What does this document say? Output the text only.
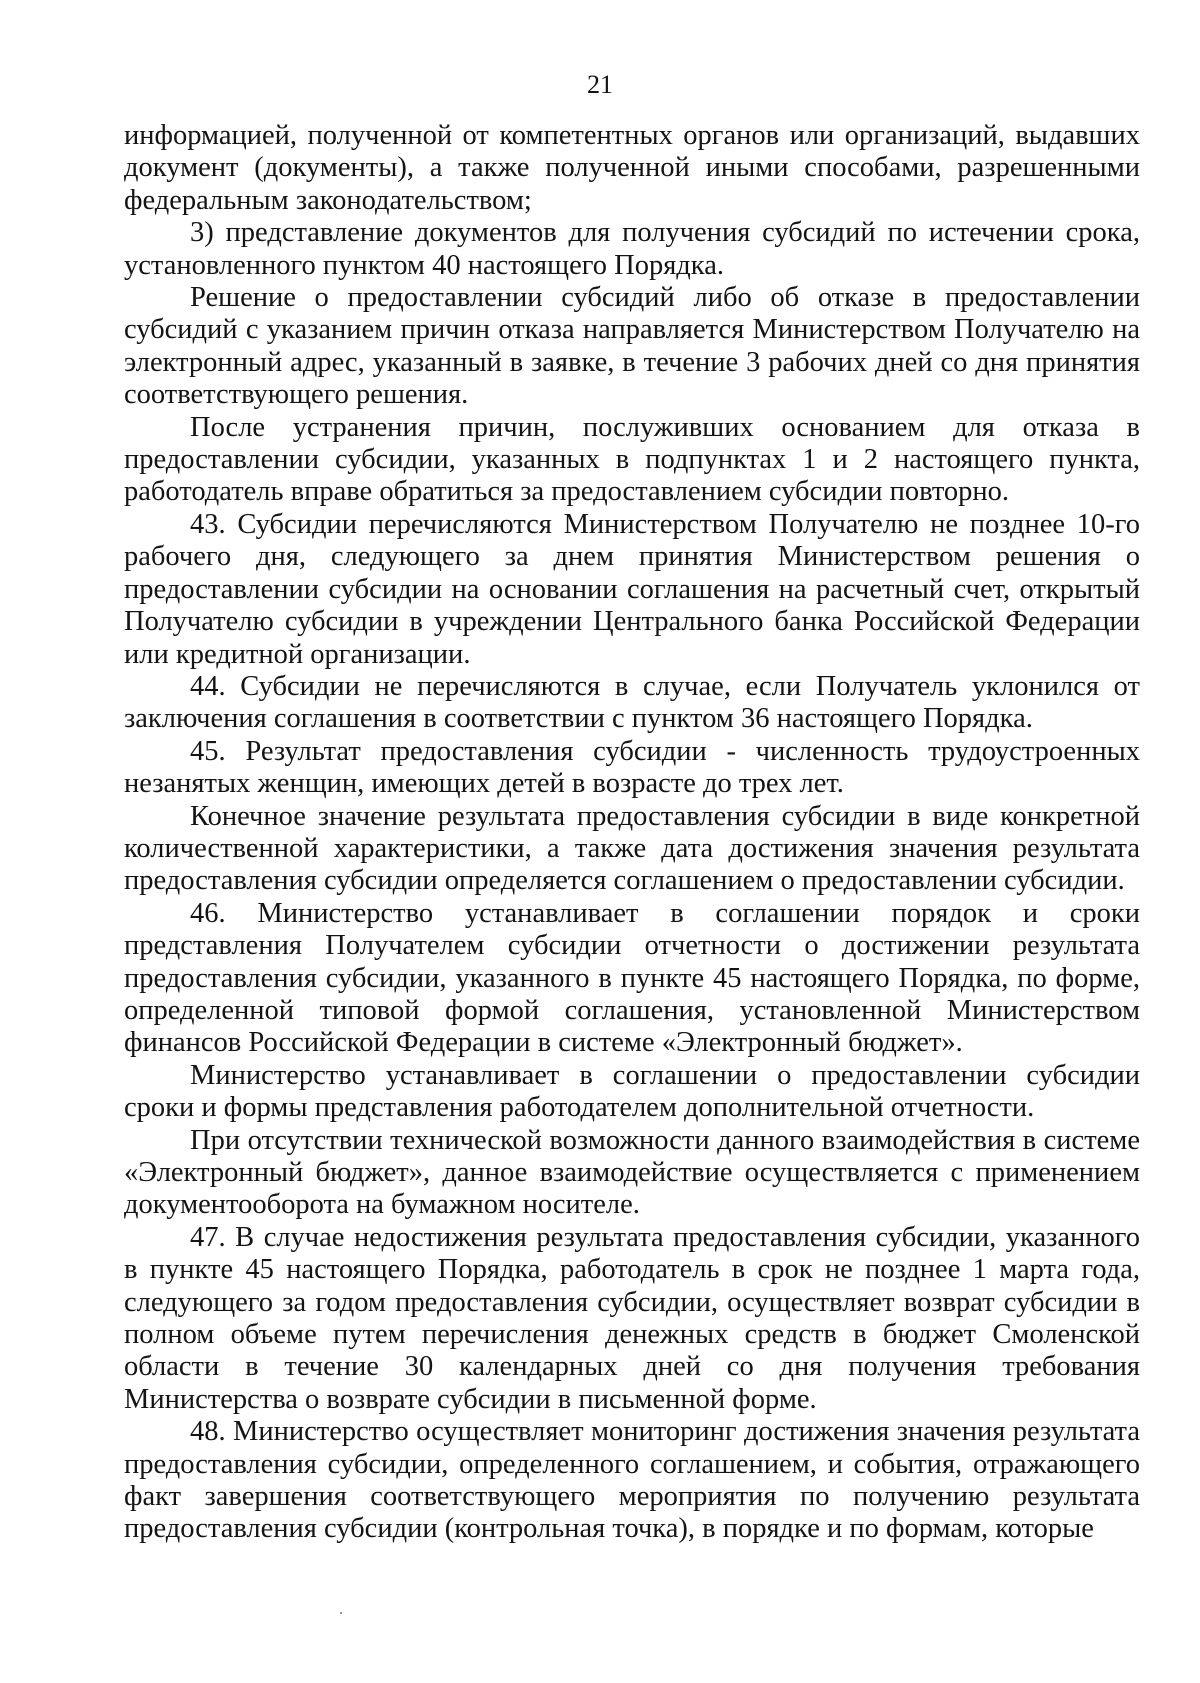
21

информацией, полученной от компетентных органов или организаций, выдавших документ (документы), а также полученной иными способами, разрешенными федеральным законодательством;

3) представление документов для получения субсидий по истечении срока, установленного пунктом 40 настоящего Порядка.

Решение о предоставлении субсидий либо об отказе в предоставлении субсидий с указанием причин отказа направляется Министерством Получателю на электронный адрес, указанный в заявке, в течение 3 рабочих дней со дня принятия соответствующего решения.

После устранения причин, послуживших основанием для отказа в предоставлении субсидии, указанных в подпунктах 1 и 2 настоящего пункта, работодатель вправе обратиться за предоставлением субсидии повторно.

43. Субсидии перечисляются Министерством Получателю не позднее 10-го рабочего дня, следующего за днем принятия Министерством решения о предоставлении субсидии на основании соглашения на расчетный счет, открытый Получателю субсидии в учреждении Центрального банка Российской Федерации или кредитной организации.

44. Субсидии не перечисляются в случае, если Получатель уклонился от заключения соглашения в соответствии с пунктом 36 настоящего Порядка.

45. Результат предоставления субсидии - численность трудоустроенных незанятых женщин, имеющих детей в возрасте до трех лет.

Конечное значение результата предоставления субсидии в виде конкретной количественной характеристики, а также дата достижения значения результата предоставления субсидии определяется соглашением о предоставлении субсидии.

46. Министерство устанавливает в соглашении порядок и сроки представления Получателем субсидии отчетности о достижении результата предоставления субсидии, указанного в пункте 45 настоящего Порядка, по форме, определенной типовой формой соглашения, установленной Министерством финансов Российской Федерации в системе «Электронный бюджет».

Министерство устанавливает в соглашении о предоставлении субсидии сроки и формы представления работодателем дополнительной отчетности.

При отсутствии технической возможности данного взаимодействия в системе «Электронный бюджет», данное взаимодействие осуществляется с применением документооборота на бумажном носителе.

47. В случае недостижения результата предоставления субсидии, указанного в пункте 45 настоящего Порядка, работодатель в срок не позднее 1 марта года, следующего за годом предоставления субсидии, осуществляет возврат субсидии в полном объеме путем перечисления денежных средств в бюджет Смоленской области в течение 30 календарных дней со дня получения требования Министерства о возврате субсидии в письменной форме.

48. Министерство осуществляет мониторинг достижения значения результата предоставления субсидии, определенного соглашением, и события, отражающего факт завершения соответствующего мероприятия по получению результата предоставления субсидии (контрольная точка), в порядке и по формам, которые
